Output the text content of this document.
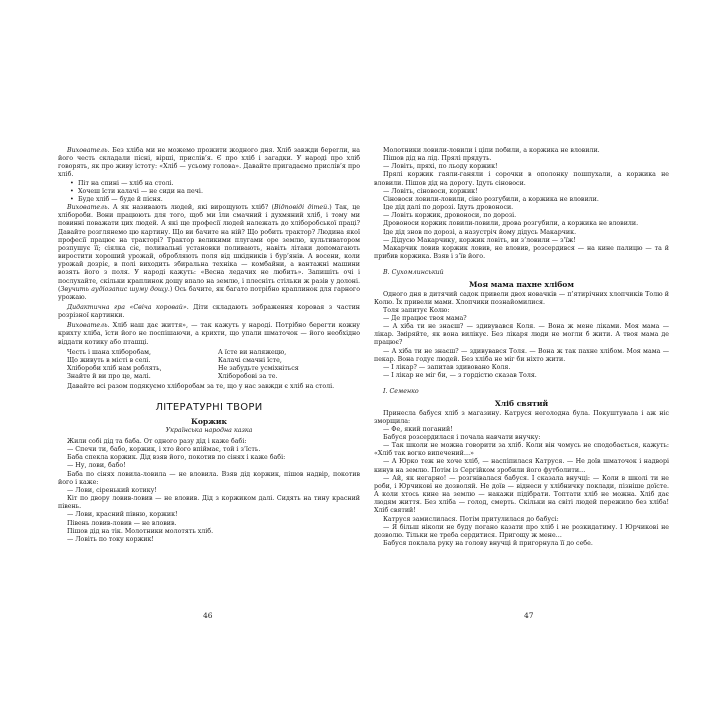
Вихователь. Без хліба ми не можемо прожити жодного дня. Хліб завжди берегли, на його честь складали пісні, вірші, прислів’я. Є про хліб і загадки. У народі про хліб говорять, як про живу істоту: «Хліб — усьому голова». Давайте пригадаємо прислів’я про хліб.

• Піт на спині — хліб на столі.
• Хочеш їсти калачі — не сиди на печі.
• Буде хліб — буде й пісня.

Вихователь. А як називають людей, які вирощують хліб? (Відповіді дітей.) Так, це хлібороби. Вони працюють для того, щоб ми їли смачний і духмяний хліб, і тому ми повинні поважати цих людей. А які ще професії людей належать до хліборобської праці? Давайте розглянемо цю картину. Що ви бачите на ній? Що робить трактор? Людина якої професії працює на тракторі? Трактор великими плугами оре землю, культиватором розпушує її; сіялка сіє, поливальні установки поливають, навіть літаки допомагають виростити хороший урожай, обробляють поля від шкідників і бур’янів. А восени, коли урожай дозріє, в полі виходить збиральна техніка — комбайни, а вантажні машини возять його з поля. У народі кажуть: «Весна ледачих не любить». Запишіть очі і послухайте, скільки краплинок дощу впало на землю, і плесніть стільки ж разів у долоні. (Звучить аудіозапис шуму дощу.) Ось бачите, як багато потрібно краплинок для гарного урожаю.

Дидактична гра «Свіча коровай». Діти складають зображення коровая з частин розрізної картинки.

Вихователь. Хліб наш дає життя», — так кажуть у народі. Потрібно берегти кожну крихту хліба, їсти його не поспішаючи, а крихти, що упали шматочок — його необхідно віддати котику або пташці.

Честь і шана хліборобам,	А їсте ви наляжецю,
Що живуть в місті в селі.	Калачі смачні їсте,
Хлібороби хліб нам роблять,	Не забудьте усміхніться
Знайте й ви про це, малі.	Хліборобові за те.

Давайте всі разом подякуємо хліборобам за те, що у нас завжди є хліб на столі.

ЛІТЕРАТУРНІ ТВОРИ
Коржик
Українська народна казка

Жили собі дід та баба. От одного разу дід і каже бабі:

— Спечи ти, бабо, коржик, і хто його впіймає, той і з’їсть.

Баба спекла коржик. Дід взяв його, покотив по сінях і каже бабі:

— Ну, лови, бабо!

Баба по сінях ловила-ловила — не вловила. Взяв дід коржик, пішов надвір, покотив його і каже:

— Лови, сіренький котику!

Кіт по двору ловив-ловив — не вловив. Дід з коржиком далі. Сидять на тину красний півень.

— Лови, красний півню, коржик!

Півень ловив-ловив — не вловив.

Пішов дід на тік. Молотники молотять хліб.

— Ловіть по току коржик!

Молотники ловили-ловили і ціпи побили, а коржика не вловили.

Пішов дід на лід. Прялі прядуть.

— Ловіть, пряхі, по льоду коржик!

Прялі коржик гаяли-ганяли і сорочки в ополонку пошпухали, а коржика не вловили. Пішов дід на дорогу. Ідуть сіновоси.

— Ловіть, сіновоси, коржик!

Сіновоси ловили-ловили, сіно розгубили, а коржика не вловили.

Іде дід далі по дорозі. Ідуть дровоноси.

— Ловіть коржик, дровоноси, по дорозі.

Дровоноси коржик ловили-ловили, дрова розгубили, а коржика не вловили.

Іде дід знов по дорозі, а назустріч йому дідусь Макарчик.

— Дідусю Макарчику, коржик ловіть, ви з’ловили — з’їж!

Макарчик ловив коржик ловив, не вловив, розсердився — на кине палицю — та й прибив коржика. Взяв і з’їв його.

В. Сухомлинський

Моя мама пахне хлібом

Одного дня в дитячий садок привели двох новачків — п’ятирічних хлопчиків Толю й Колю. Їх привели мами. Хлопчики познайомилися.

Толя запитує Колю:

— Де працює твоя мама?

— А хіба ти не знаєш? — здивувався Коля. — Вона ж мене ліками. Моя мама — лікар. Зміряйте, як вона вилікує. Без лікаря люди не могли б жити. А твоя мама де працює?

— А хіба ти не знаєш? — здивувався Толя. — Вона ж так пахне хлібом. Моя мама — пекар. Вона годує людей. Без хліба не міг би ніхто жити.

— І лікар? — запитав здивовано Коля.

— І лікар не міг би, — з гордістю сказав Толя.

І. Семенко

Хліб святий

Принесла бабуся хліб з магазину. Катруся неголодна була. Покуштувала і аж ніс зморщила:

— Фе, який поганий!

Бабуся розсердилася і почала навчати внучку:

— Так школи не можна говорити за хліб. Коли він чомусь не сподобається, кажуть: «Хліб так вогко випечений…»

— А Юрко теж не хоче хліб, — наспіпилася Катруся. — Не доїв шматочок і надворі кинув на землю. Потім із Сергійком зробили його футболити…

— Ай, як негарно! — розгнівалася бабуся. І сказала внучці: — Коли в школі ти не роби, і Юрчикові не дозволяй. Не доїв — віднеси у хлібничку поклади, пізніше доїсте. А коли хтось кине на землю — накажи підібрати. Топтати хліб не можна. Хліб дає людям життя. Без хліба — голод, смерть. Скільки на світі людей пережило без хліба! Хліб святий!

Катруся замислилася. Потім притулилася до бабусі:

— Я більш ніколи не буду погано казати про хліб і не розкидатиму. І Юрчикові не дозволю. Тільки не треба сердитися. Пригощу ж мене…

Бабуся поклала руку на голову внучці й пригорнула її до себе.

46	47
